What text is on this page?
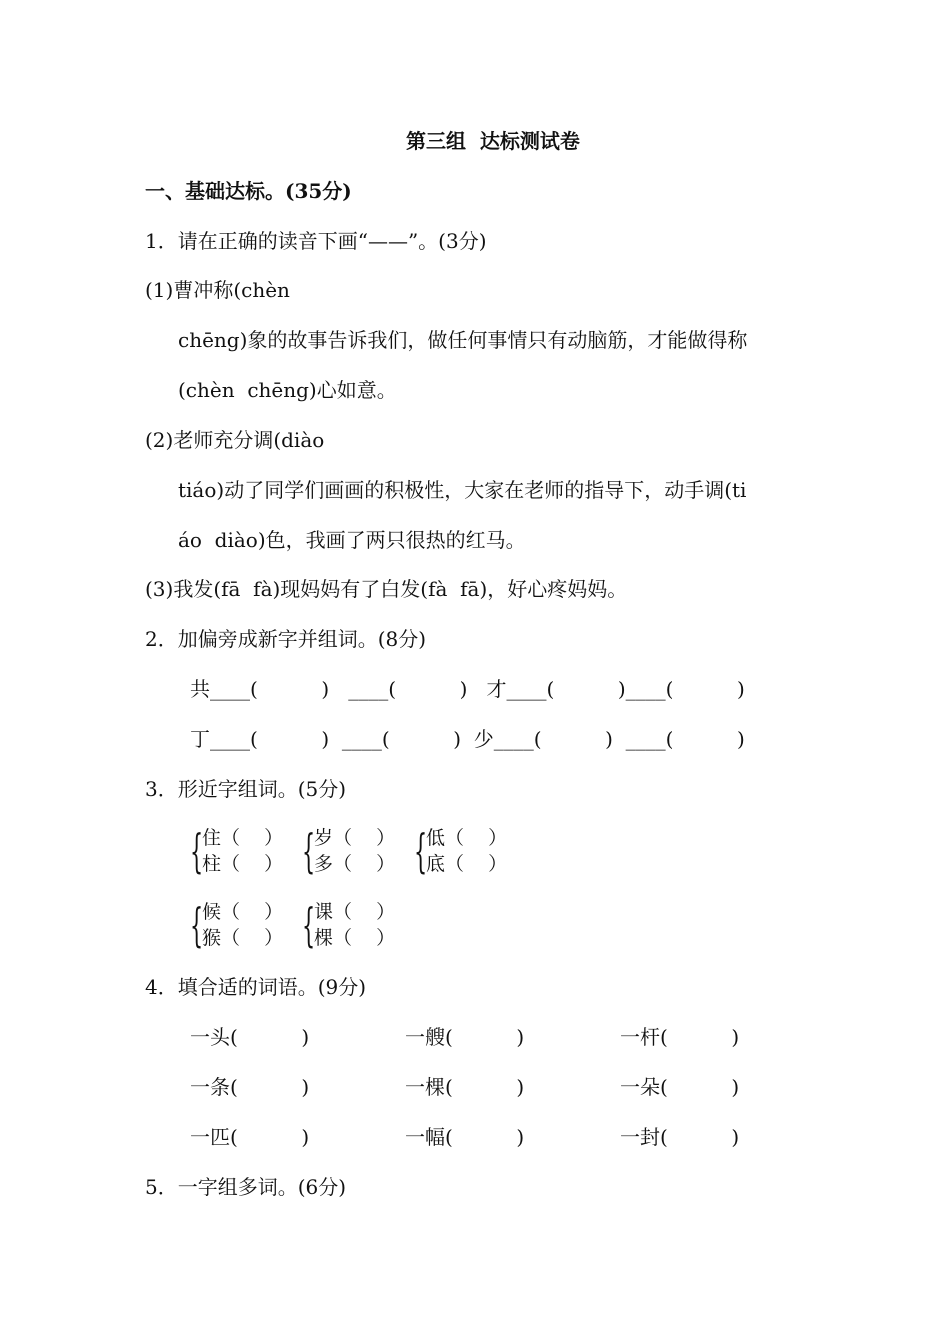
第三组  达标测试卷
一、基础达标。(35分)
1．请在正确的读音下画“——”。(3分)
(1)曹冲称(chèn
chēng)象的故事告诉我们，做任何事情只有动脑筋，才能做得称
(chèn  chēng)心如意。
(2)老师充分调(diào
tiáo)动了同学们画画的积极性，大家在老师的指导下，动手调(ti
áo  diào)色，我画了两只很热的红马。
(3)我发(fā  fà)现妈妈有了白发(fà  fā)，好心疼妈妈。
2．加偏旁成新字并组词。(8分)
共____(          )   ____(          )   才____(          )____(          )
丁____(          )  ____(          )  少____(          )  ____(          )
3．形近字组词。(5分)
{
住（    ）
柱（    ） {
岁（    ）
多（    ） {
低（    ）
底（    ）
{
候（    ）
猴（    ） {
课（    ）
棵（    ）
4．填合适的词语。(9分)
一头(          )	一艘(          )	一杆(          )
一条(          )	一棵(          )	一朵(          )
一匹(          )	一幅(          )	一封(          )
5．一字组多词。(6分)
